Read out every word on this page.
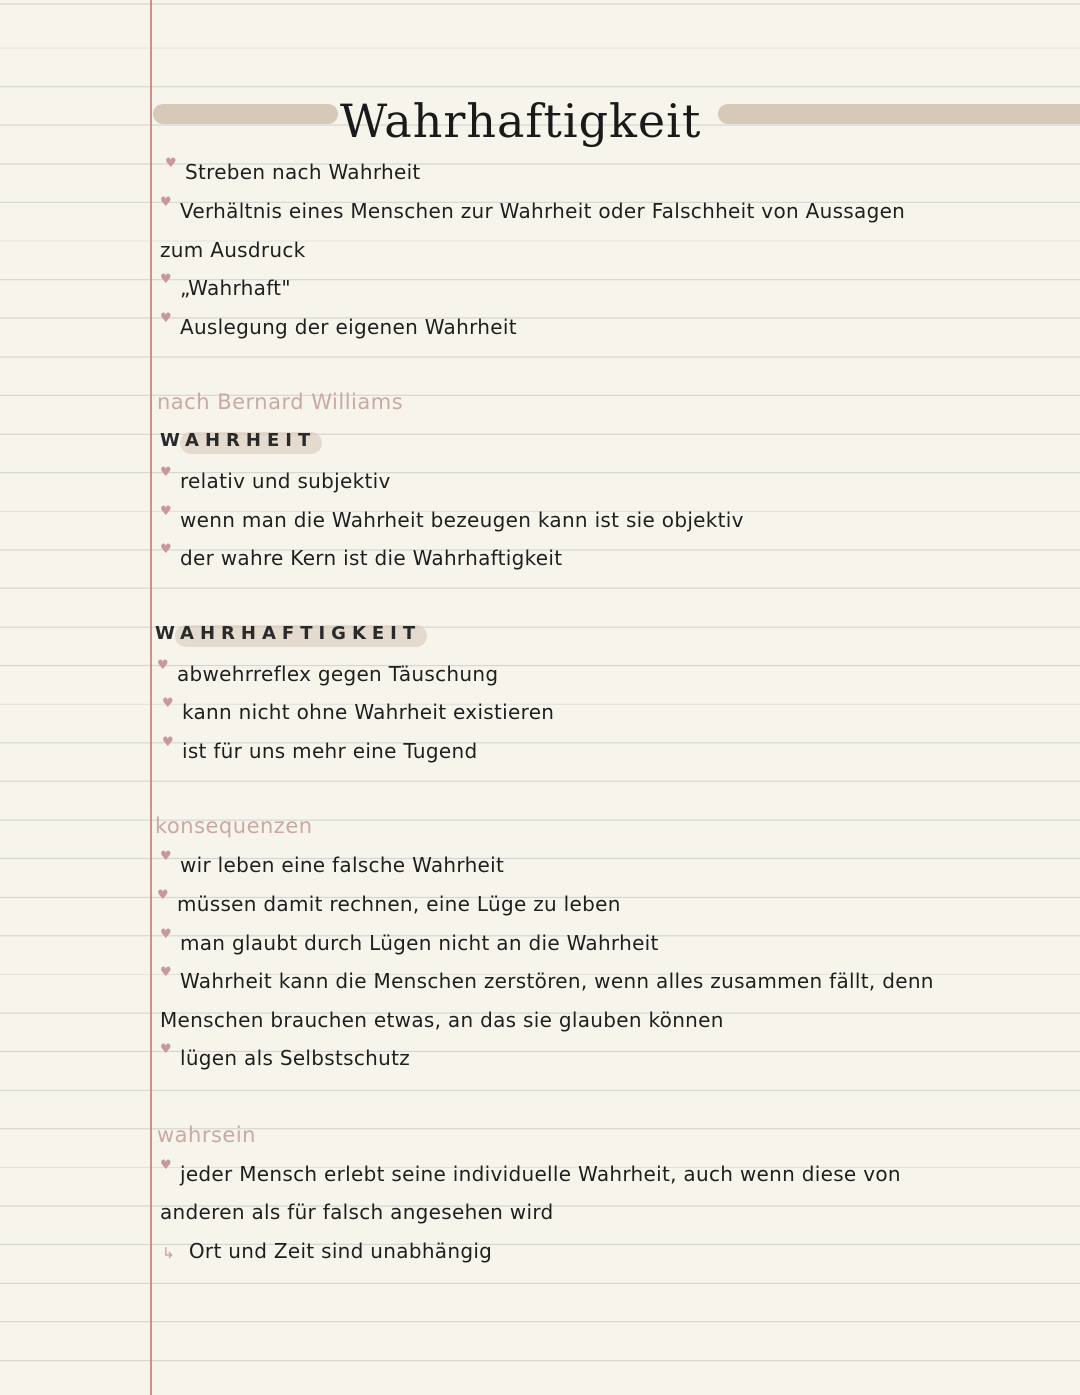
Wahrhaftigkeit
♥ Streben nach Wahrheit
♥ Verhältnis eines Menschen zur Wahrheit oder Falschheit von Aussagen
zum Ausdruck
♥ „Wahrhaft"
♥ Auslegung der eigenen Wahrheit
nach Bernard Williams
WAHRHEIT
♥ relativ und subjektiv
♥ wenn man die Wahrheit bezeugen kann ist sie objektiv
♥ der wahre Kern ist die Wahrhaftigkeit
WAHRHAFTIGKEIT
♥ abwehrreflex gegen Täuschung
♥ kann nicht ohne Wahrheit existieren
♥ ist für uns mehr eine Tugend
konsequenzen
♥ wir leben eine falsche Wahrheit
♥ müssen damit rechnen, eine Lüge zu leben
♥ man glaubt durch Lügen nicht an die Wahrheit
♥ Wahrheit kann die Menschen zerstören, wenn alles zusammen fällt, denn
Menschen brauchen etwas, an das sie glauben können
♥ lügen als Selbstschutz
wahrsein
♥ jeder Mensch erlebt seine individuelle Wahrheit, auch wenn diese von
anderen als für falsch angesehen wird
↳ Ort und Zeit sind unabhängig
